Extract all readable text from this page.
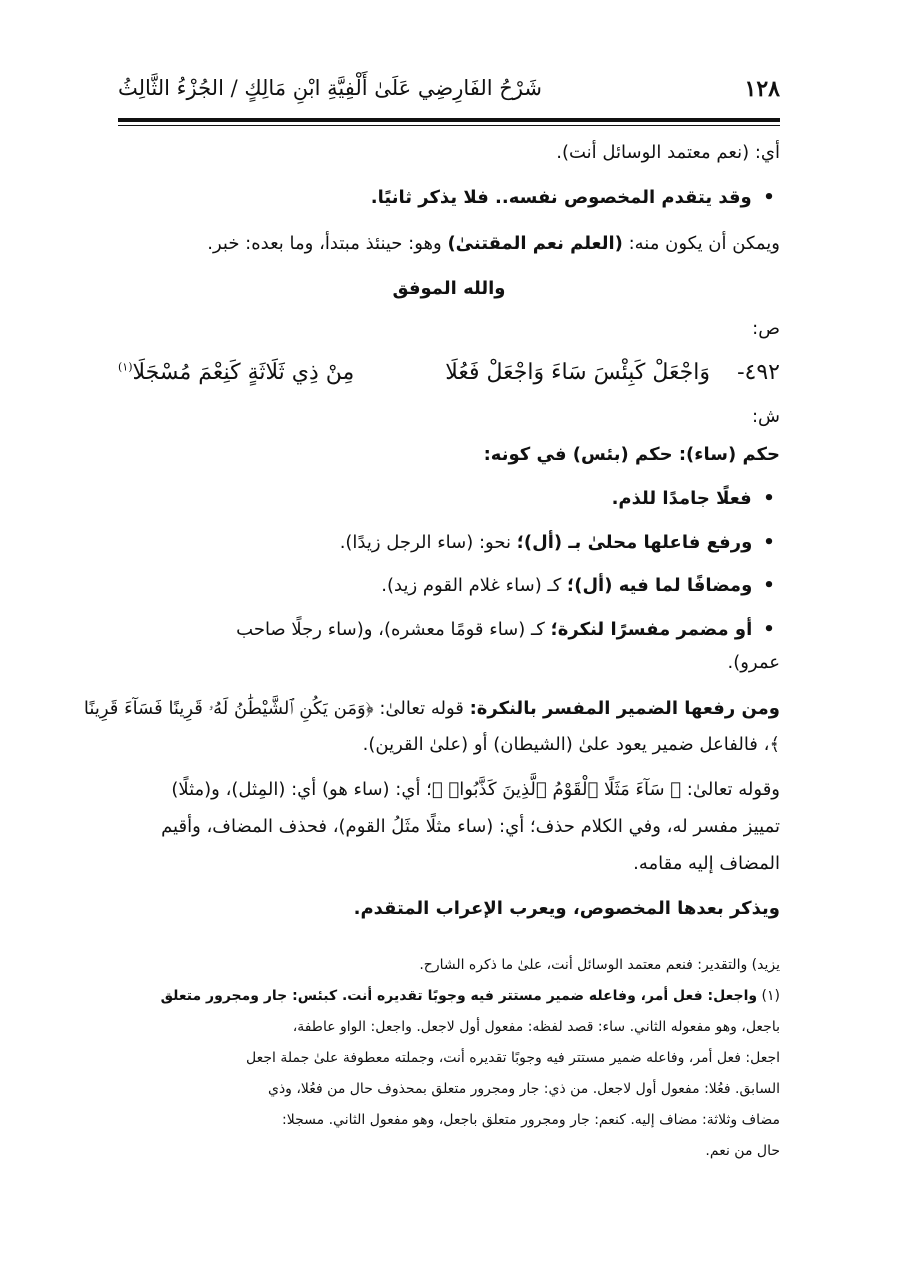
١٢٨
شَرْحُ الفَارِضِي عَلَىٰ أَلْفِيَّةِ ابْنِ مَالِكٍ / الجُزْءُ الثَّالِثُ
أي: (نعم معتمد الوسائل أنت).
• وقد يتقدم المخصوص نفسه.. فلا يذكر ثانيًا.
ويمكن أن يكون منه: (العلم نعم المقتنىٰ) وهو: حينئذ مبتدأ، وما بعده: خبر.
والله الموفق
ص:
٤٩٢-
وَاجْعَلْ كَبِئْسَ سَاءَ وَاجْعَلْ فَعُلَا
مِنْ ذِي ثَلَاثَةٍ كَنِعْمَ مُسْجَلَا$^{(١)}$
ش:
حكم (ساء): حكم (بئس) في كونه:
• فعلًا جامدًا للذم.
• ورفع فاعلها محلىٰ بـ (أل)؛ نحو: (ساء الرجل زيدًا).
• ومضافًا لما فيه (أل)؛ كـ (ساء غلام القوم زيد).
• أو مضمر مفسرًا لنكرة؛ كـ (ساء قومًا معشره)، و(ساء رجلًا صاحب
عمرو).
ومن رفعها الضمير المفسر بالنكرة: قوله تعالىٰ: ﴿وَمَن يَكُنِ ٱلشَّيْطَٰنُ لَهُۥ قَرِينًا فَسَآءَ قَرِينًا
﴾، فالفاعل ضمير يعود علىٰ (الشيطان) أو (علىٰ القرين).
وقوله تعالىٰ: ﴿ سَآءَ مَثَلًا ٱلْقَوْمُ ٱلَّذِينَ كَذَّبُوا۟ ﴾؛ أي: (ساء هو) أي: (المِثل)، و(مثلًا)
تمييز مفسر له، وفي الكلام حذف؛ أي: (ساء مثلًا مثَلُ القوم)، فحذف المضاف، وأقيم
المضاف إليه مقامه.
ويذكر بعدها المخصوص، ويعرب الإعراب المتقدم.
يزيد) والتقدير: فنعم معتمد الوسائل أنت، علىٰ ما ذكره الشارح.
(١) واجعل: فعل أمر، وفاعله ضمير مستتر فيه وجوبًا تقديره أنت. كبئس: جار ومجرور متعلق
باجعل، وهو مفعوله الثاني. ساء: قصد لفظه: مفعول أول لاجعل. واجعل: الواو عاطفة،
اجعل: فعل أمر، وفاعله ضمير مستتر فيه وجوبًا تقديره أنت، وجملته معطوفة علىٰ جملة اجعل
السابق. فعُلا: مفعول أول لاجعل. من ذي: جار ومجرور متعلق بمحذوف حال من فعُلا، وذي
مضاف وثلاثة: مضاف إليه. كنعم: جار ومجرور متعلق باجعل، وهو مفعول الثاني. مسجلا:
حال من نعم.
